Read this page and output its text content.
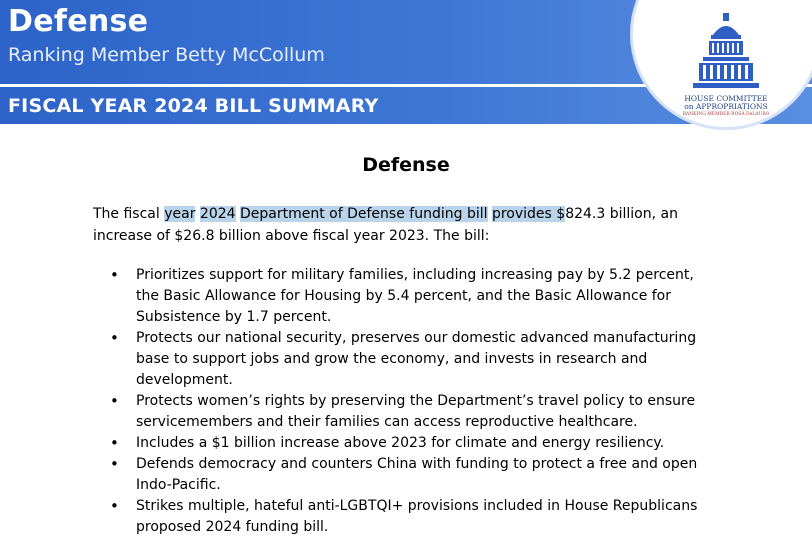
Defense
Ranking Member Betty McCollum
FISCAL YEAR 2024 BILL SUMMARY	HOUSE COMMITTEE
on APPROPRIATIONS
RANKING MEMBER ROSA DeLAURO
Defense

The fiscal year 2024 Department of Defense funding bill provides $824.3 billion, an increase of $26.8 billion above fiscal year 2023. The bill:

• Prioritizes support for military families, including increasing pay by 5.2 percent, the Basic Allowance for Housing by 5.4 percent, and the Basic Allowance for Subsistence by 1.7 percent.
• Protects our national security, preserves our domestic advanced manufacturing base to support jobs and grow the economy, and invests in research and development.
• Protects women’s rights by preserving the Department’s travel policy to ensure servicemembers and their families can access reproductive healthcare.
• Includes a $1 billion increase above 2023 for climate and energy resiliency.
• Defends democracy and counters China with funding to protect a free and open Indo-Pacific.
• Strikes multiple, hateful anti-LGBTQI+ provisions included in House Republicans proposed 2024 funding bill.
